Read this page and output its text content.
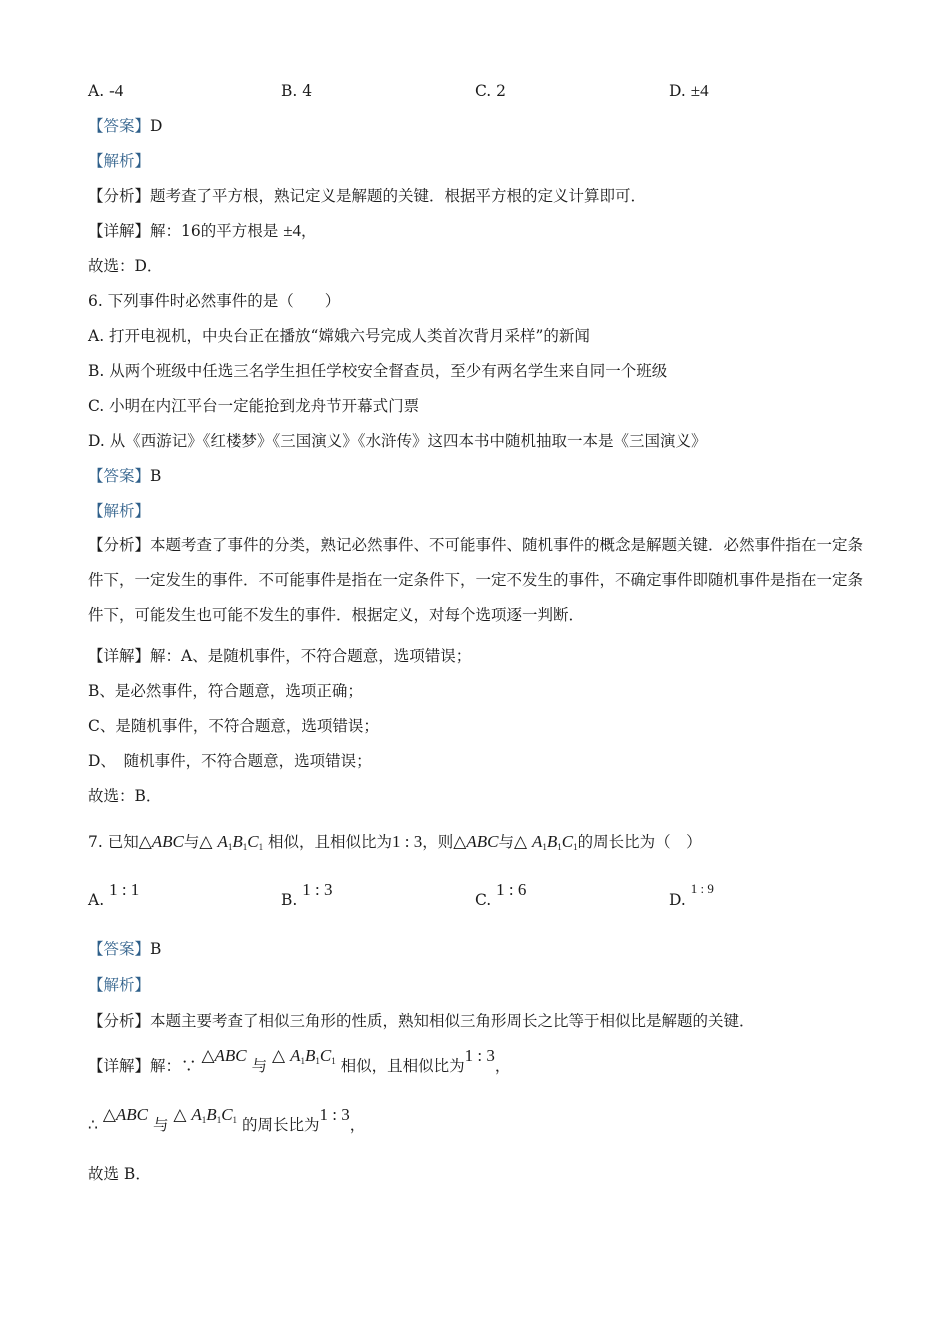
A. -4	B. 4	C. 2	D. ±4
【答案】D
【解析】
【分析】题考查了平方根，熟记定义是解题的关键．根据平方根的定义计算即可．
【详解】解：16的平方根是 ±4，
故选：D．
6. 下列事件时必然事件的是（　　）
A. 打开电视机，中央台正在播放“嫦娥六号完成人类首次背月采样”的新闻
B. 从两个班级中任选三名学生担任学校安全督查员，至少有两名学生来自同一个班级
C. 小明在内江平台一定能抢到龙舟节开幕式门票
D. 从《西游记》《红楼梦》《三国演义》《水浒传》这四本书中随机抽取一本是《三国演义》
【答案】B
【解析】
【分析】本题考查了事件的分类，熟记必然事件、不可能事件、随机事件的概念是解题关键．必然事件指在一定条件下，一定发生的事件．不可能事件是指在一定条件下，一定不发生的事件，不确定事件即随机事件是指在一定条件下，可能发生也可能不发生的事件．根据定义，对每个选项逐一判断．
【详解】解：A、是随机事件，不符合题意，选项错误；
B、是必然事件，符合题意，选项正确；
C、是随机事件，不符合题意，选项错误；
D、　随机事件，不符合题意，选项错误；
故选：B．
7. 已知△ABC与△ $A_1B_1C_1$ 相似，且相似比为1 : 3，则△ABC与△ $A_1B_1C_1$的周长比为（　）
A. 1 : 1
B. 1 : 3
C. 1 : 6
D. $^{1 : 9}$
【答案】B
【解析】
【分析】本题主要考查了相似三角形的性质，熟知相似三角形周长之比等于相似比是解题的关键．
【详解】解：∵ △ABC 与 △ $A_1B_1C_1$ 相似，且相似比为1 : 3，
∴ △ABC 与 △ $A_1B_1C_1$ 的周长比为1 : 3，
故选 B．
